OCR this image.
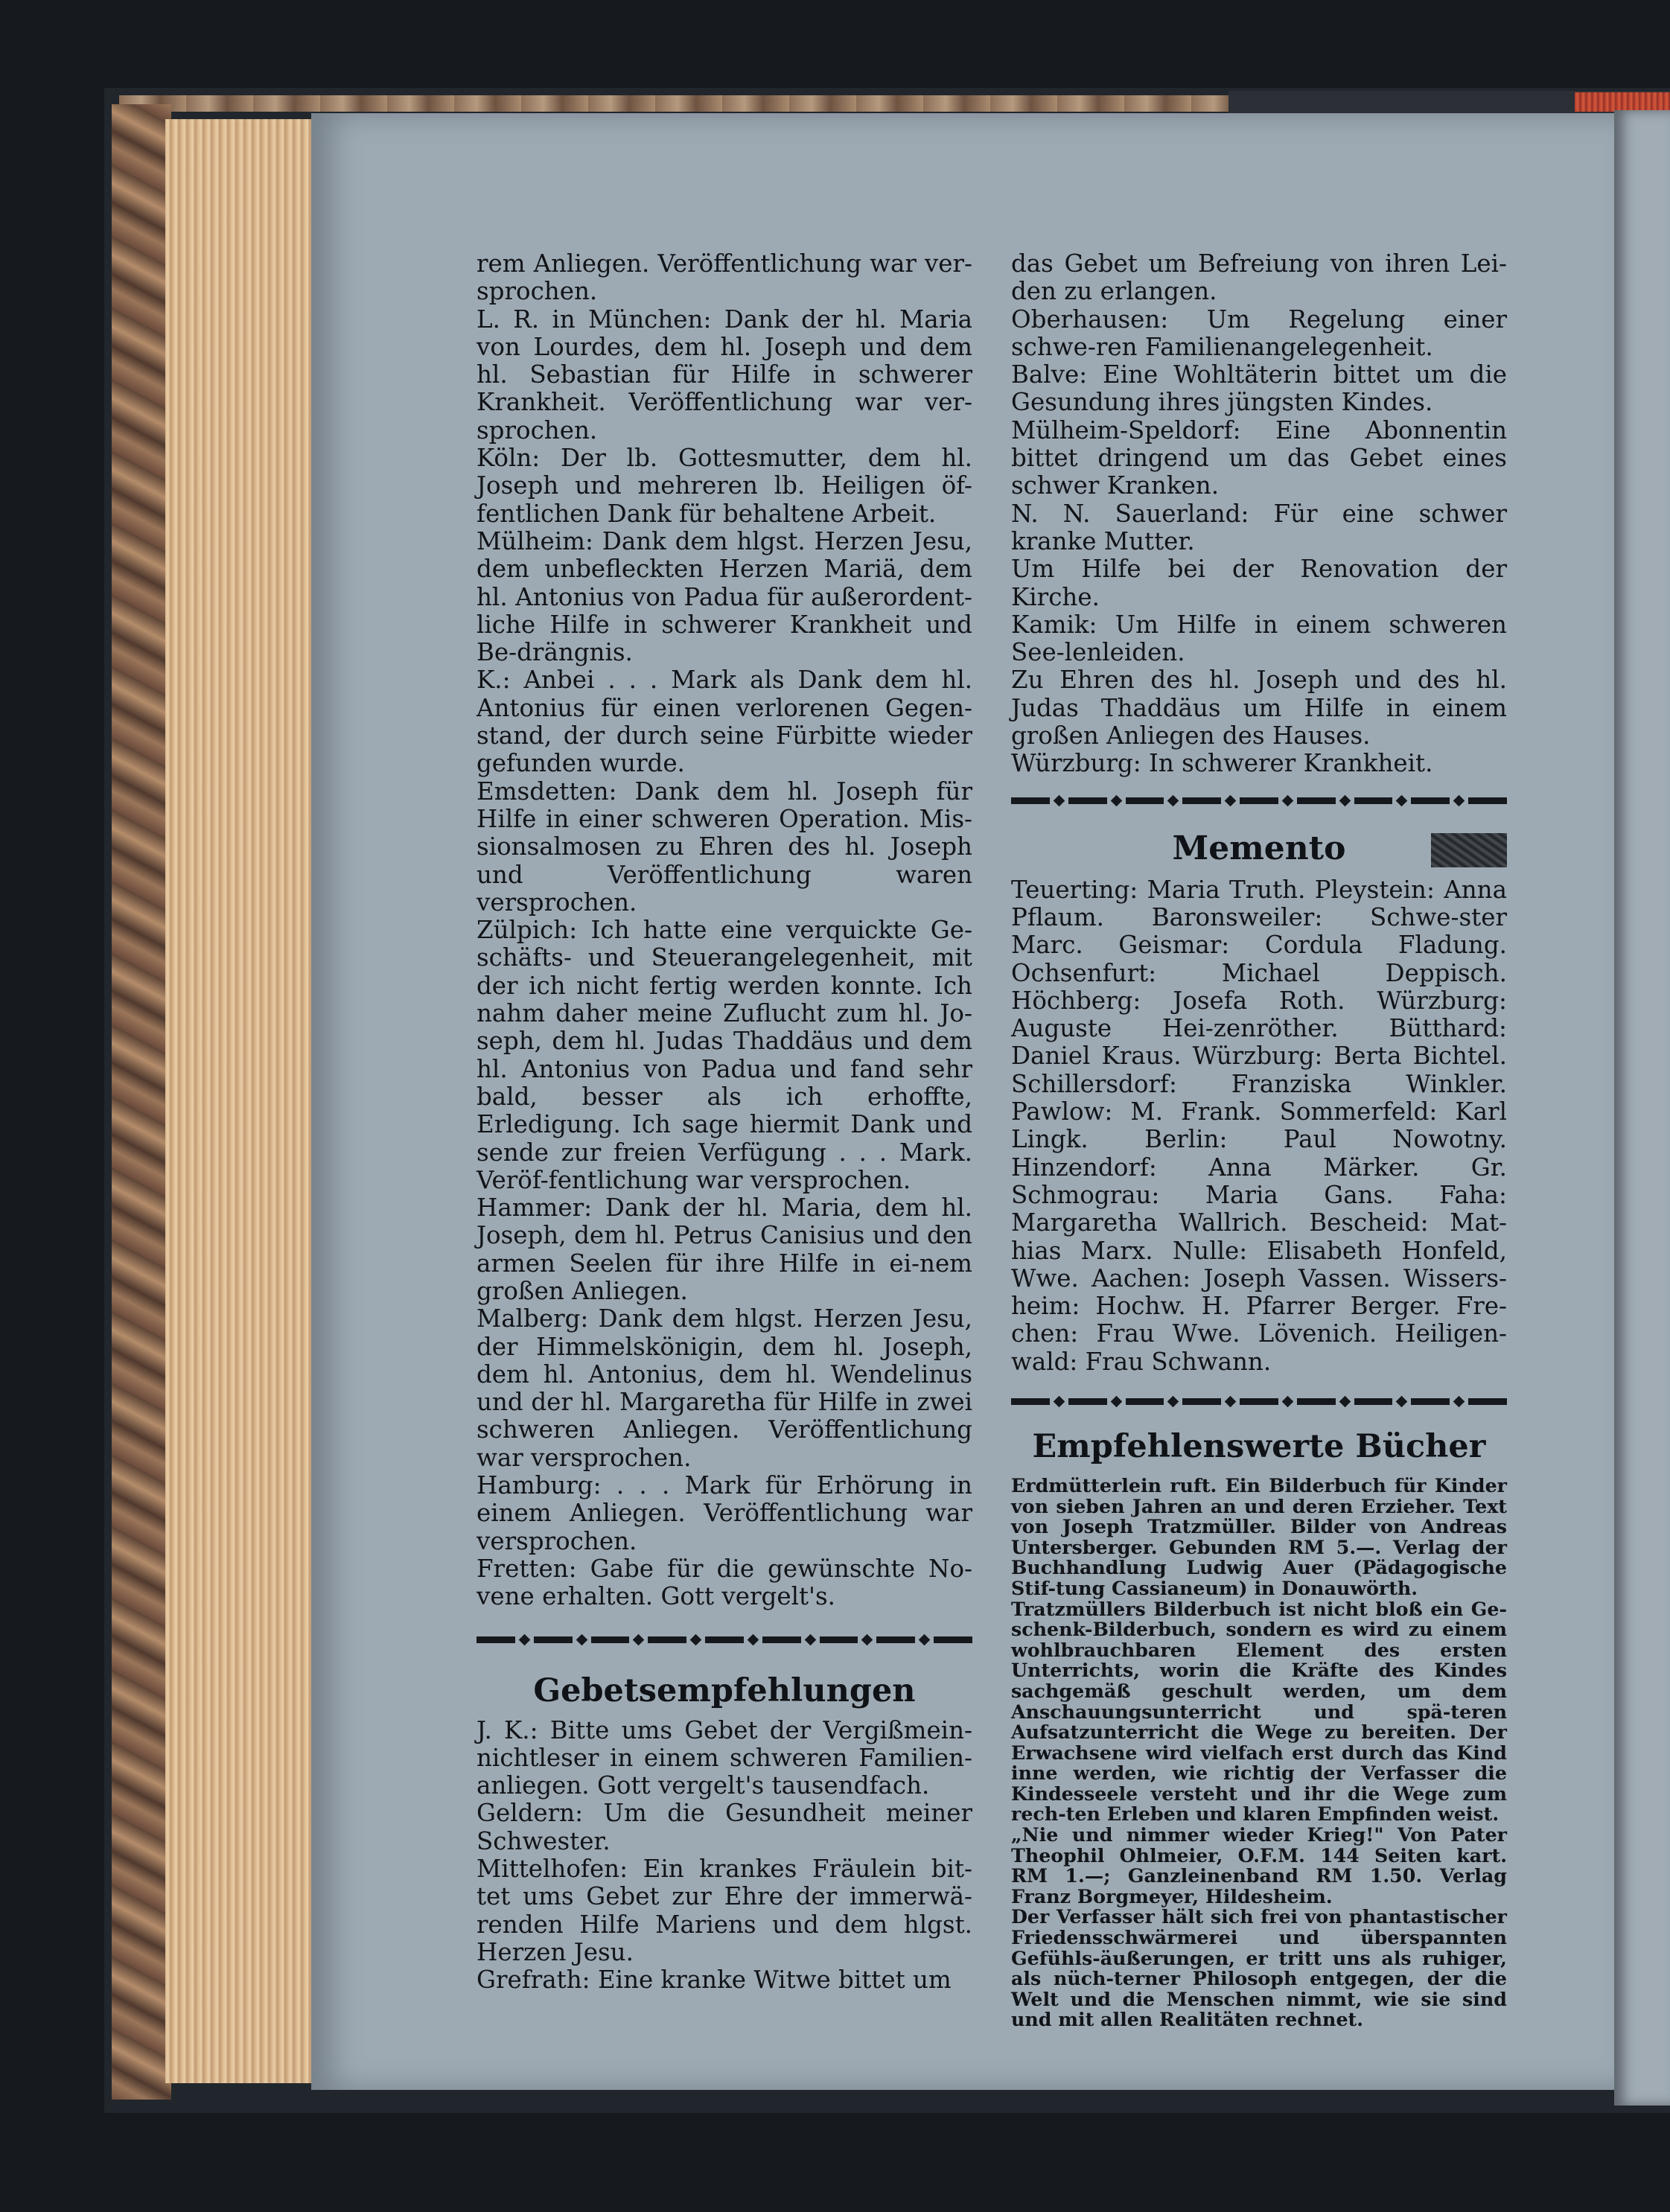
rem Anliegen. Veröffentlichung war ver-sprochen.

L. R. in München: Dank der hl. Maria von Lourdes, dem hl. Joseph und dem hl. Sebastian für Hilfe in schwerer Krankheit. Veröffentlichung war ver-sprochen.

Köln: Der lb. Gottesmutter, dem hl. Joseph und mehreren lb. Heiligen öf-fentlichen Dank für behaltene Arbeit.

Mülheim: Dank dem hlgst. Herzen Jesu, dem unbefleckten Herzen Mariä, dem hl. Antonius von Padua für außerordent-liche Hilfe in schwerer Krankheit und Be-drängnis.

K.: Anbei . . . Mark als Dank dem hl. Antonius für einen verlorenen Gegen-stand, der durch seine Fürbitte wieder gefunden wurde.

Emsdetten: Dank dem hl. Joseph für Hilfe in einer schweren Operation. Mis-sionsalmosen zu Ehren des hl. Joseph und Veröffentlichung waren versprochen.

Zülpich: Ich hatte eine verquickte Ge-schäfts- und Steuerangelegenheit, mit der ich nicht fertig werden konnte. Ich nahm daher meine Zuflucht zum hl. Jo-seph, dem hl. Judas Thaddäus und dem hl. Antonius von Padua und fand sehr bald, besser als ich erhoffte, Erledigung. Ich sage hiermit Dank und sende zur freien Verfügung . . . Mark. Veröf-fentlichung war versprochen.

Hammer: Dank der hl. Maria, dem hl. Joseph, dem hl. Petrus Canisius und den armen Seelen für ihre Hilfe in ei-nem großen Anliegen.

Malberg: Dank dem hlgst. Herzen Jesu, der Himmelskönigin, dem hl. Joseph, dem hl. Antonius, dem hl. Wendelinus und der hl. Margaretha für Hilfe in zwei schweren Anliegen. Veröffentlichung war versprochen.

Hamburg: . . . Mark für Erhörung in einem Anliegen. Veröffentlichung war versprochen.

Fretten: Gabe für die gewünschte No-vene erhalten. Gott vergelt's.

Gebetsempfehlungen

J. K.: Bitte ums Gebet der Vergißmein-nichtleser in einem schweren Familien-anliegen. Gott vergelt's tausendfach.

Geldern: Um die Gesundheit meiner Schwester.

Mittelhofen: Ein krankes Fräulein bit-tet ums Gebet zur Ehre der immerwä-renden Hilfe Mariens und dem hlgst. Herzen Jesu.

Grefrath: Eine kranke Witwe bittet um

das Gebet um Befreiung von ihren Lei-den zu erlangen.

Oberhausen: Um Regelung einer schwe-ren Familienangelegenheit.

Balve: Eine Wohltäterin bittet um die Gesundung ihres jüngsten Kindes.

Mülheim-Speldorf: Eine Abonnentin bittet dringend um das Gebet eines schwer Kranken.

N. N. Sauerland: Für eine schwer kranke Mutter.

Um Hilfe bei der Renovation der Kirche.

Kamik: Um Hilfe in einem schweren See-lenleiden.

Zu Ehren des hl. Joseph und des hl. Judas Thaddäus um Hilfe in einem großen Anliegen des Hauses.

Würzburg: In schwerer Krankheit.

Memento

Teuerting: Maria Truth. Pleystein: Anna Pflaum. Baronsweiler: Schwe-ster Marc. Geismar: Cordula Fladung. Ochsenfurt: Michael Deppisch. Höchberg: Josefa Roth. Würzburg: Auguste Hei-zenröther. Bütthard: Daniel Kraus. Würzburg: Berta Bichtel. Schillersdorf: Franziska Winkler. Pawlow: M. Frank. Sommerfeld: Karl Lingk. Berlin: Paul Nowotny. Hinzendorf: Anna Märker. Gr. Schmograu: Maria Gans. Faha: Margaretha Wallrich. Bescheid: Mat-hias Marx. Nulle: Elisabeth Honfeld, Wwe. Aachen: Joseph Vassen. Wissers-heim: Hochw. H. Pfarrer Berger. Fre-chen: Frau Wwe. Lövenich. Heiligen-wald: Frau Schwann.

Empfehlenswerte Bücher

Erdmütterlein ruft. Ein Bilderbuch für Kinder von sieben Jahren an und deren Erzieher. Text von Joseph Tratzmüller. Bilder von Andreas Untersberger. Gebunden RM 5.—. Verlag der Buchhandlung Ludwig Auer (Pädagogische Stif-tung Cassianeum) in Donauwörth.

Tratzmüllers Bilderbuch ist nicht bloß ein Ge-schenk-Bilderbuch, sondern es wird zu einem wohlbrauchbaren Element des ersten Unterrichts, worin die Kräfte des Kindes sachgemäß geschult werden, um dem Anschauungsunterricht und spä-teren Aufsatzunterricht die Wege zu bereiten. Der Erwachsene wird vielfach erst durch das Kind inne werden, wie richtig der Verfasser die Kindesseele versteht und ihr die Wege zum rech-ten Erleben und klaren Empfinden weist.

„Nie und nimmer wieder Krieg!" Von Pater Theophil Ohlmeier, O.F.M. 144 Seiten kart. RM 1.—; Ganzleinenband RM 1.50. Verlag Franz Borgmeyer, Hildesheim.

Der Verfasser hält sich frei von phantastischer Friedensschwärmerei und überspannten Gefühls-äußerungen, er tritt uns als ruhiger, als nüch-terner Philosoph entgegen, der die Welt und die Menschen nimmt, wie sie sind und mit allen Realitäten rechnet.
